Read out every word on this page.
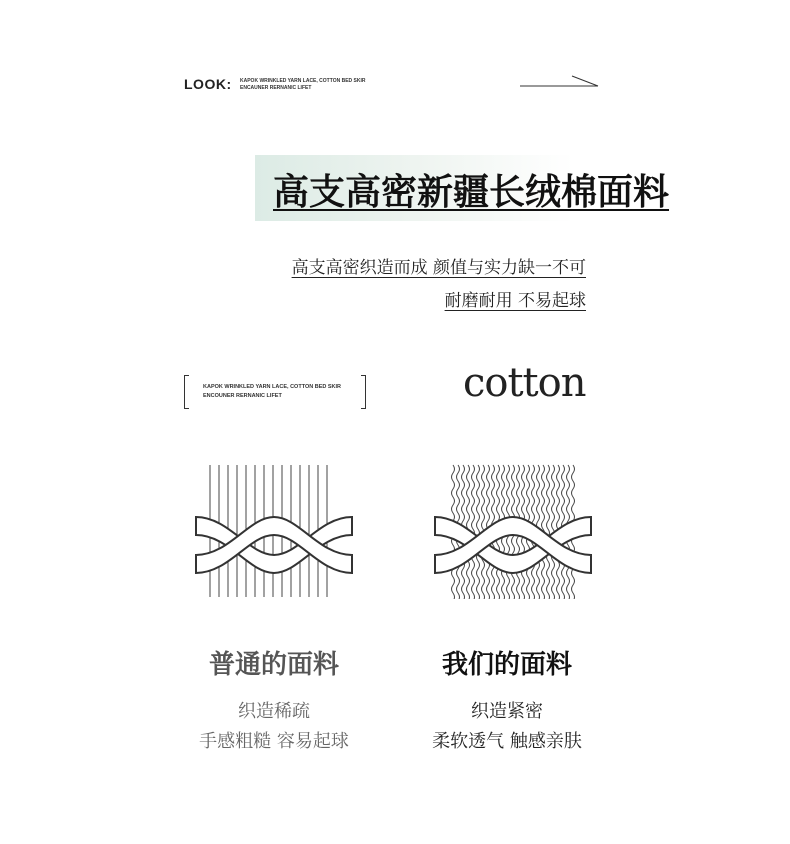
LOOK: KAPOK WRINKLED YARN LACE, COTTON BED SKIR
ENCAUNER RERNANIC LIFET
高支高密新疆长绒棉面料
高支高密织造而成 颜值与实力缺一不可
耐磨耐用 不易起球
KAPOK WRINKLED YARN LACE, COTTON BED SKIR
ENCOUNER RERNANIC LIFET	cotton
普通的面料	我们的面料
织造稀疏
手感粗糙 容易起球
织造紧密
柔软透气 触感亲肤
